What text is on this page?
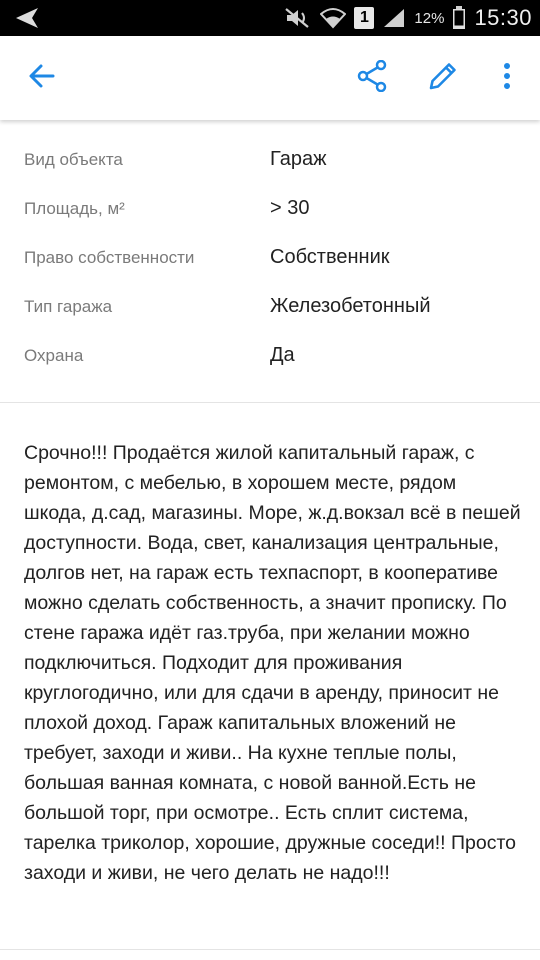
1	12% 15:30
Вид объекта	Гараж
Площадь, м²	> 30
Право собственности	Собственник
Тип гаража	Железобетонный
Охрана	Да
Срочно!!! Продаётся жилой капитальный гараж, с ремонтом, с мебелью, в хорошем месте, рядом шкода, д.сад, магазины. Море, ж.д.вокзал всё в пешей доступности. Вода, свет, канализация центральные, долгов нет, на гараж есть техпаспорт, в кооперативе можно сделать собственность, а значит прописку. По стене гаража идёт газ.труба, при желании можно подключиться. Подходит для проживания круглогодично, или для сдачи в аренду, приносит не плохой доход. Гараж капитальных вложений не требует, заходи и живи.. На кухне теплые полы, большая ванная комната, с новой ванной.Есть не большой торг, при осмотре.. Есть сплит система, тарелка триколор, хорошие, дружные соседи!! Просто заходи и живи, не чего делать не надо!!!
